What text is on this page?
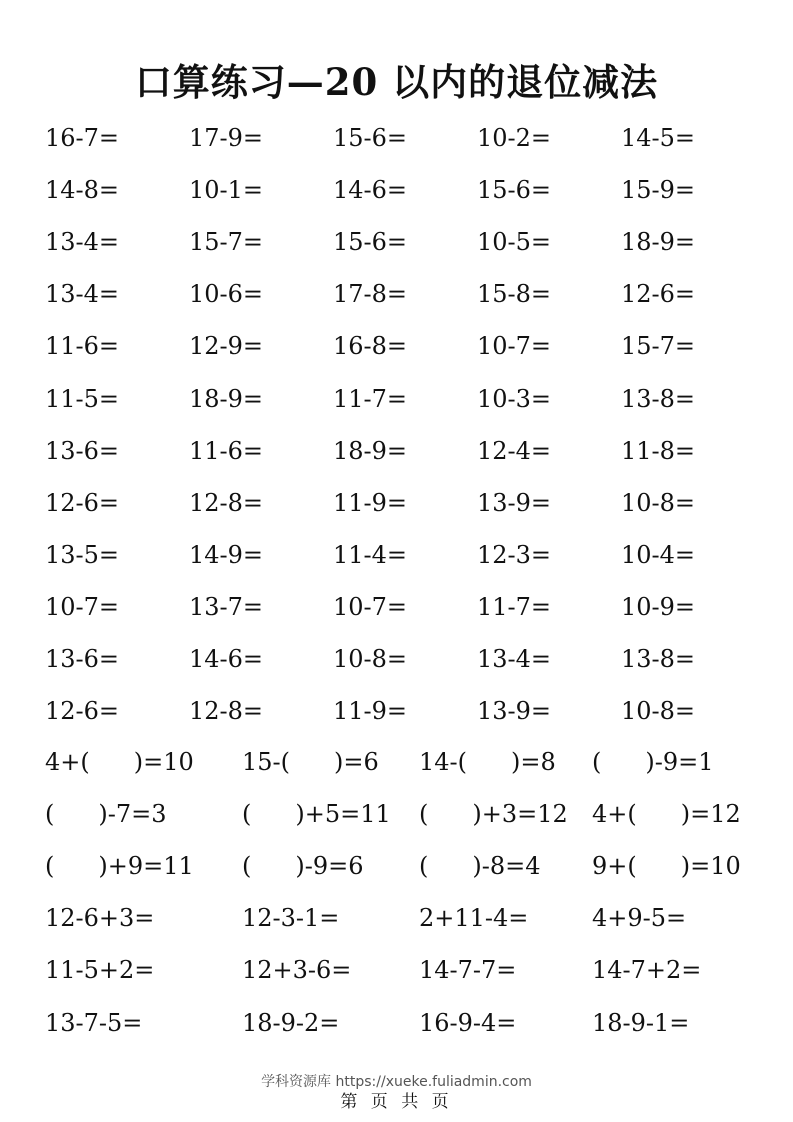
口算练习—20 以内的退位减法
16-7=	17-9=	15-6=	10-2=	14-5=
14-8=	10-1=	14-6=	15-6=	15-9=
13-4=	15-7=	15-6=	10-5=	18-9=
13-4=	10-6=	17-8=	15-8=	12-6=
11-6=	12-9=	16-8=	10-7=	15-7=
11-5=	18-9=	11-7=	10-3=	13-8=
13-6=	11-6=	18-9=	12-4=	11-8=
12-6=	12-8=	11-9=	13-9=	10-8=
13-5=	14-9=	11-4=	12-3=	10-4=
10-7=	13-7=	10-7=	11-7=	10-9=
13-6=	14-6=	10-8=	13-4=	13-8=
12-6=	12-8=	11-9=	13-9=	10-8=
4+( )=10	15-( )=6	14-( )=8	( )-9=1
( )-7=3	( )+5=11	( )+3=12	4+( )=12
( )+9=11	( )-9=6	( )-8=4	9+( )=10
12-6+3=	12-3-1=	2+11-4=	4+9-5=
11-5+2=	12+3-6=	14-7-7=	14-7+2=
13-7-5=	18-9-2=	16-9-4=	18-9-1=
学科资源库 https://xueke.fuliadmin.com
第 页 共 页
